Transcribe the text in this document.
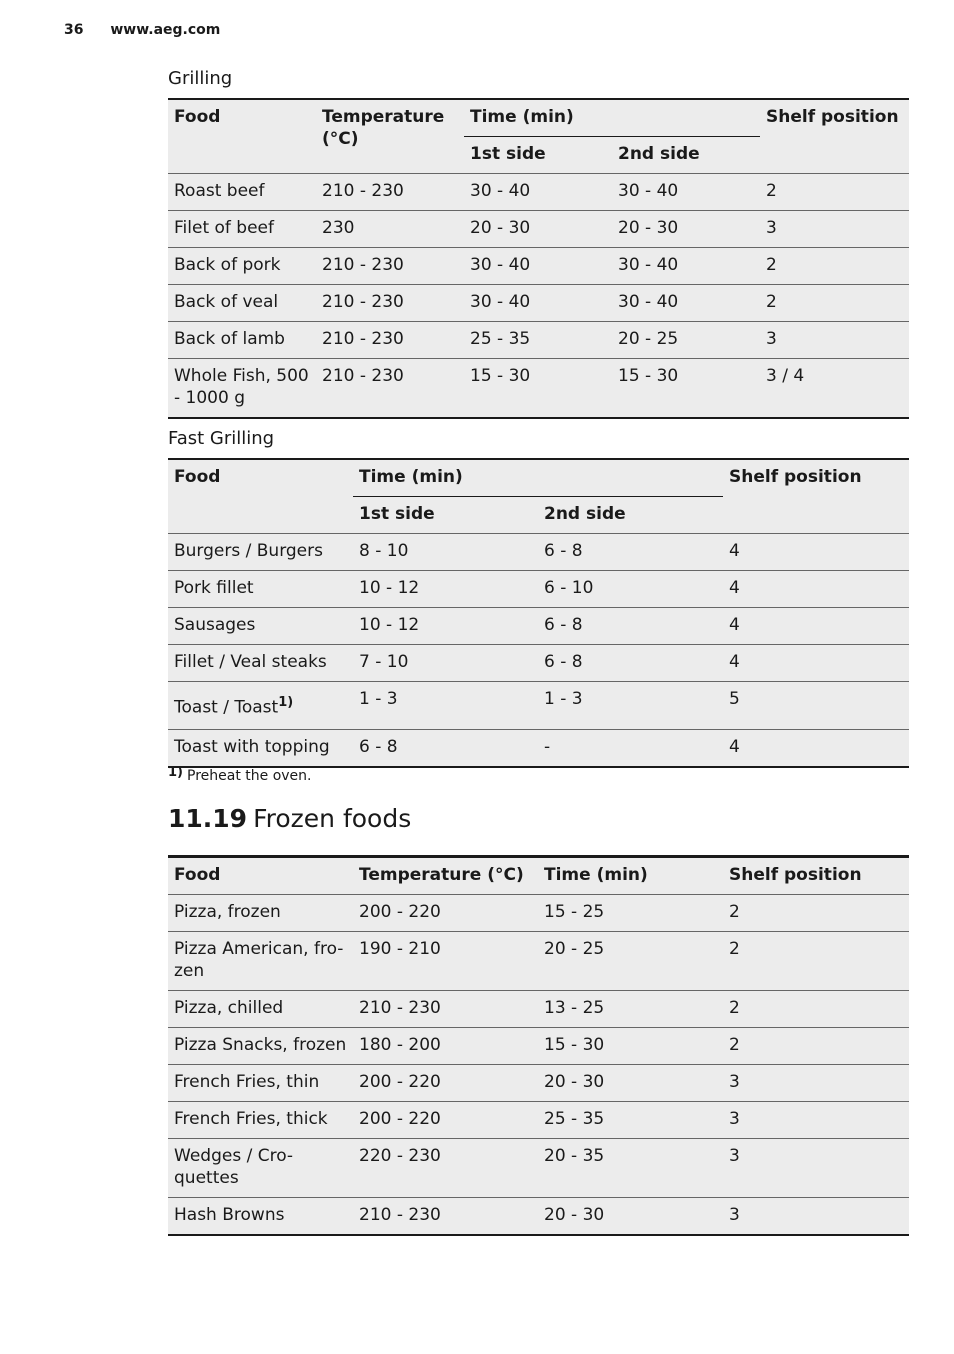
36 www.aeg.com
Grilling
Food	Temperature (°C)	Time (min)		Shelf position
		1st side	2nd side	
Roast beef	210 - 230	30 - 40	30 - 40	2
Filet of beef	230	20 - 30	20 - 30	3
Back of pork	210 - 230	30 - 40	30 - 40	2
Back of veal	210 - 230	30 - 40	30 - 40	2
Back of lamb	210 - 230	25 - 35	20 - 25	3
Whole Fish, 500 - 1000 g	210 - 230	15 - 30	15 - 30	3 / 4
Fast Grilling
Food	Time (min)		Shelf position
	1st side	2nd side	
Burgers / Burgers	8 - 10	6 - 8	4
Pork fillet	10 - 12	6 - 10	4
Sausages	10 - 12	6 - 8	4
Fillet / Veal steaks	7 - 10	6 - 8	4
Toast / Toast$^{1)}$	1 - 3	1 - 3	5
Toast with topping	6 - 8	-	4
1) Preheat the oven.
11.19 Frozen foods
Food	Temperature (°C)	Time (min)	Shelf position
Pizza, frozen	200 - 220	15 - 25	2
Pizza American, fro-zen	190 - 210	20 - 25	2
Pizza, chilled	210 - 230	13 - 25	2
Pizza Snacks, frozen	180 - 200	15 - 30	2
French Fries, thin	200 - 220	20 - 30	3
French Fries, thick	200 - 220	25 - 35	3
Wedges / Cro-quettes	220 - 230	20 - 35	3
Hash Browns	210 - 230	20 - 30	3
